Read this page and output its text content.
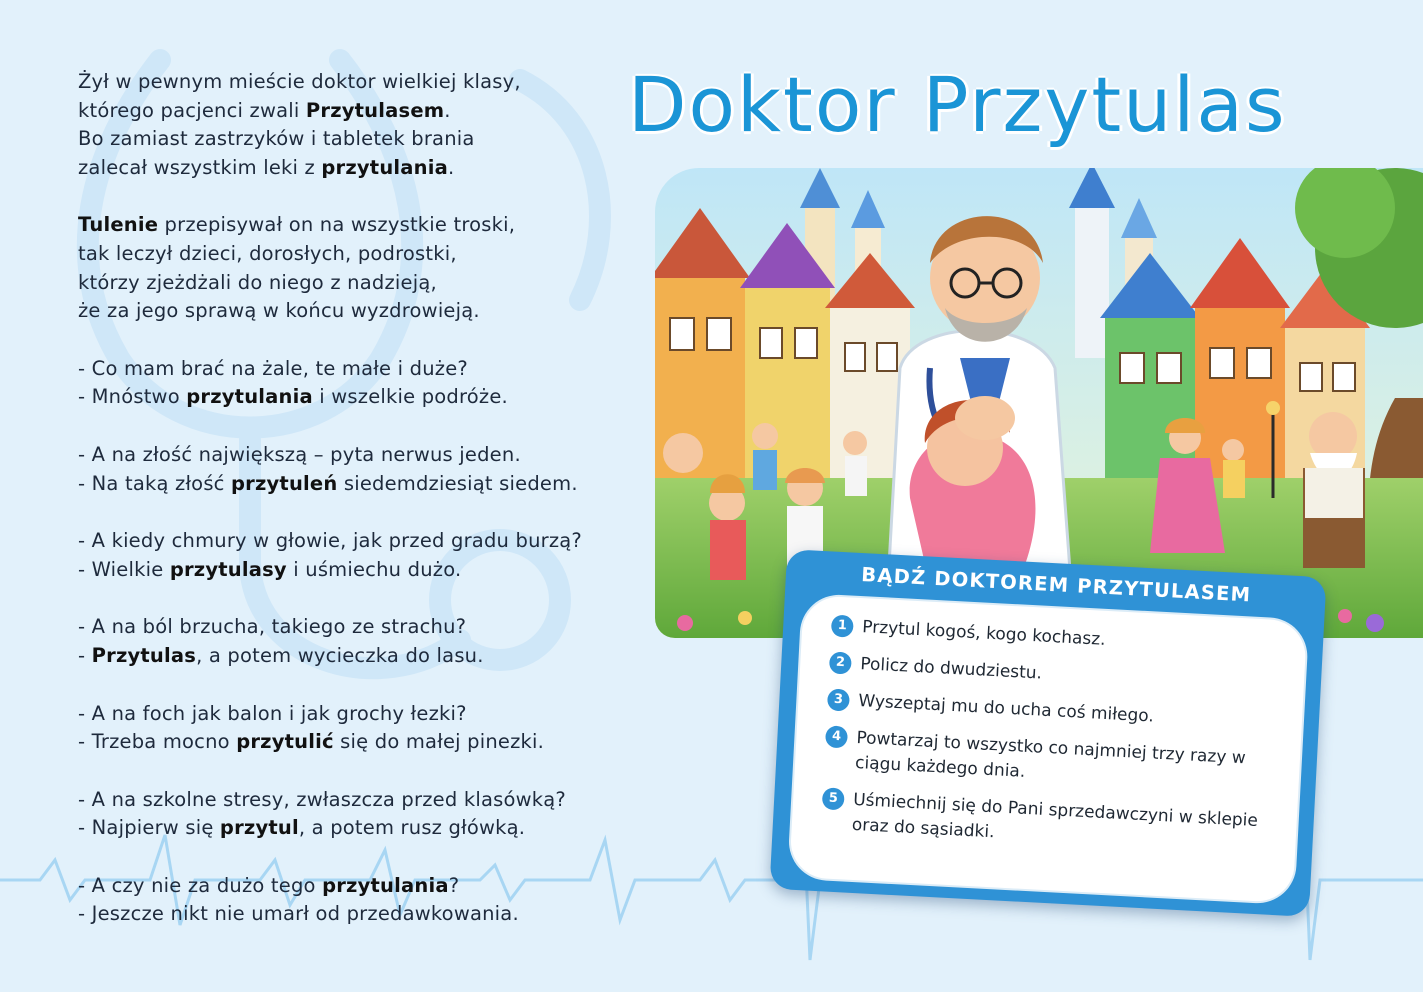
Żył w pewnym mieście doktor wielkiej klasy,
którego pacjenci zwali Przytulasem.
Bo zamiast zastrzyków i tabletek brania
zalecał wszystkim leki z przytulania.
Tulenie przepisywał on na wszystkie troski,
tak leczył dzieci, dorosłych, podrostki,
którzy zjeżdżali do niego z nadzieją,
że za jego sprawą w końcu wyzdrowieją.
- Co mam brać na żale, te małe i duże?
- Mnóstwo przytulania i wszelkie podróże.
- A na złość największą – pyta nerwus jeden.
- Na taką złość przytuleń siedemdziesiąt siedem.
- A kiedy chmury w głowie, jak przed gradu burzą?
- Wielkie przytulasy i uśmiechu dużo.
- A na ból brzucha, takiego ze strachu?
- Przytulas, a potem wycieczka do lasu.
- A na foch jak balon i jak grochy łezki?
- Trzeba mocno przytulić się do małej pinezki.
- A na szkolne stresy, zwłaszcza przed klasówką?
- Najpierw się przytul, a potem rusz główką.
- A czy nie za dużo tego przytulania?
- Jeszcze nikt nie umarł od przedawkowania.
Doktor Przytulas
BĄDŹ DOKTOREM PRZYTULASEM
1 Przytul kogoś, kogo kochasz.
2 Policz do dwudziestu.
3 Wyszeptaj mu do ucha coś miłego.
4 Powtarzaj to wszystko co najmniej trzy razy w ciągu każdego dnia.
5 Uśmiechnij się do Pani sprzedawczyni w sklepie oraz do sąsiadki.
